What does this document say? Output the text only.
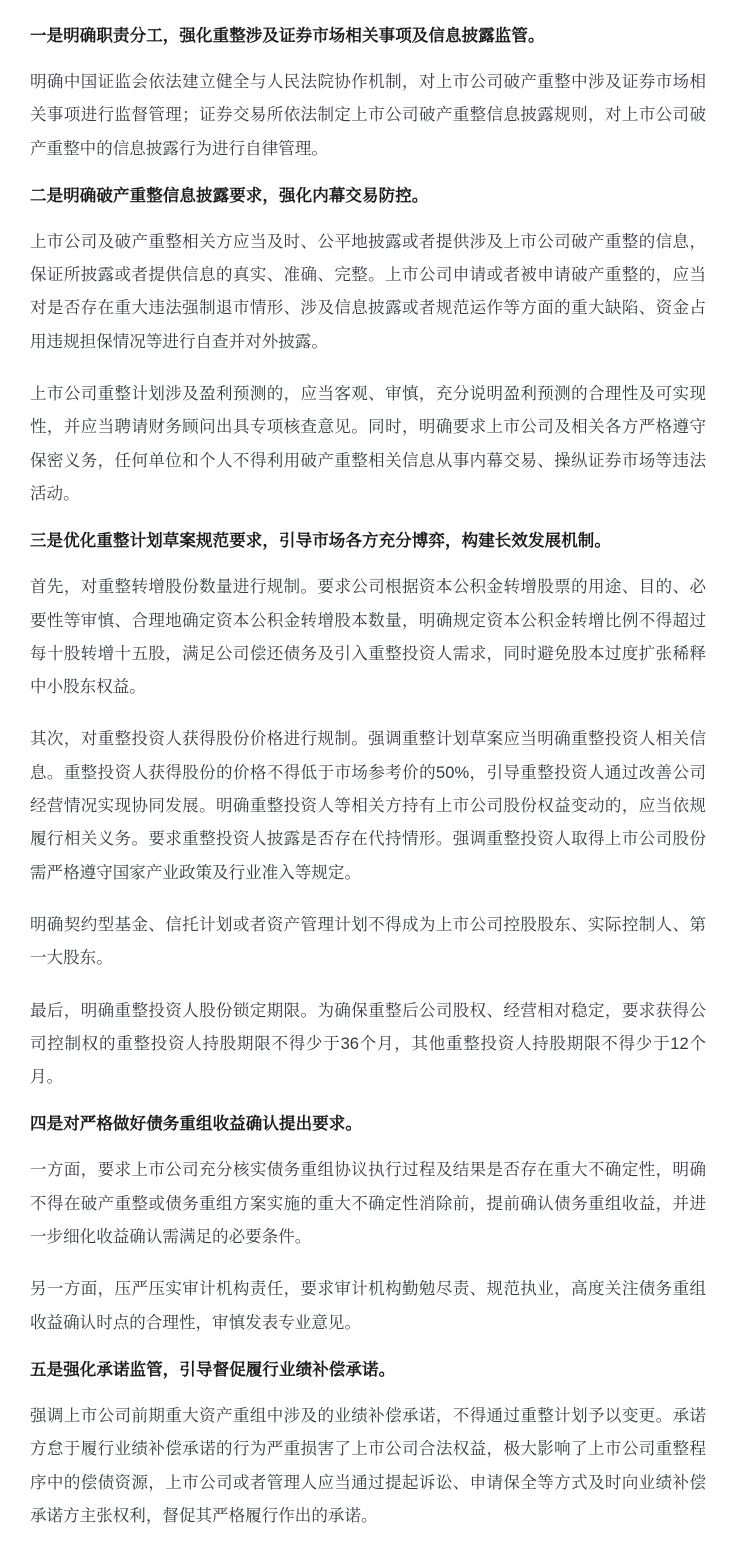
一是明确职责分工，强化重整涉及证券市场相关事项及信息披露监管。

明确中国证监会依法建立健全与人民法院协作机制，对上市公司破产重整中涉及证券市场相关事项进行监督管理；证券交易所依法制定上市公司破产重整信息披露规则，对上市公司破产重整中的信息披露行为进行自律管理。

二是明确破产重整信息披露要求，强化内幕交易防控。

上市公司及破产重整相关方应当及时、公平地披露或者提供涉及上市公司破产重整的信息，保证所披露或者提供信息的真实、准确、完整。上市公司申请或者被申请破产重整的，应当对是否存在重大违法强制退市情形、涉及信息披露或者规范运作等方面的重大缺陷、资金占用违规担保情况等进行自查并对外披露。

上市公司重整计划涉及盈利预测的，应当客观、审慎，充分说明盈利预测的合理性及可实现性，并应当聘请财务顾问出具专项核查意见。同时，明确要求上市公司及相关各方严格遵守保密义务，任何单位和个人不得利用破产重整相关信息从事内幕交易、操纵证券市场等违法活动。

三是优化重整计划草案规范要求，引导市场各方充分博弈，构建长效发展机制。

首先，对重整转增股份数量进行规制。要求公司根据资本公积金转增股票的用途、目的、必要性等审慎、合理地确定资本公积金转增股本数量，明确规定资本公积金转增比例不得超过每十股转增十五股，满足公司偿还债务及引入重整投资人需求，同时避免股本过度扩张稀释中小股东权益。

其次，对重整投资人获得股份价格进行规制。强调重整计划草案应当明确重整投资人相关信息。重整投资人获得股份的价格不得低于市场参考价的50%，引导重整投资人通过改善公司经营情况实现协同发展。明确重整投资人等相关方持有上市公司股份权益变动的，应当依规履行相关义务。要求重整投资人披露是否存在代持情形。强调重整投资人取得上市公司股份需严格遵守国家产业政策及行业准入等规定。

明确契约型基金、信托计划或者资产管理计划不得成为上市公司控股股东、实际控制人、第一大股东。

最后，明确重整投资人股份锁定期限。为确保重整后公司股权、经营相对稳定，要求获得公司控制权的重整投资人持股期限不得少于36个月，其他重整投资人持股期限不得少于12个月。

四是对严格做好债务重组收益确认提出要求。

一方面，要求上市公司充分核实债务重组协议执行过程及结果是否存在重大不确定性，明确不得在破产重整或债务重组方案实施的重大不确定性消除前，提前确认债务重组收益，并进一步细化收益确认需满足的必要条件。

另一方面，压严压实审计机构责任，要求审计机构勤勉尽责、规范执业，高度关注债务重组收益确认时点的合理性，审慎发表专业意见。

五是强化承诺监管，引导督促履行业绩补偿承诺。

强调上市公司前期重大资产重组中涉及的业绩补偿承诺，不得通过重整计划予以变更。承诺方怠于履行业绩补偿承诺的行为严重损害了上市公司合法权益，极大影响了上市公司重整程序中的偿债资源，上市公司或者管理人应当通过提起诉讼、申请保全等方式及时向业绩补偿承诺方主张权利，督促其严格履行作出的承诺。
